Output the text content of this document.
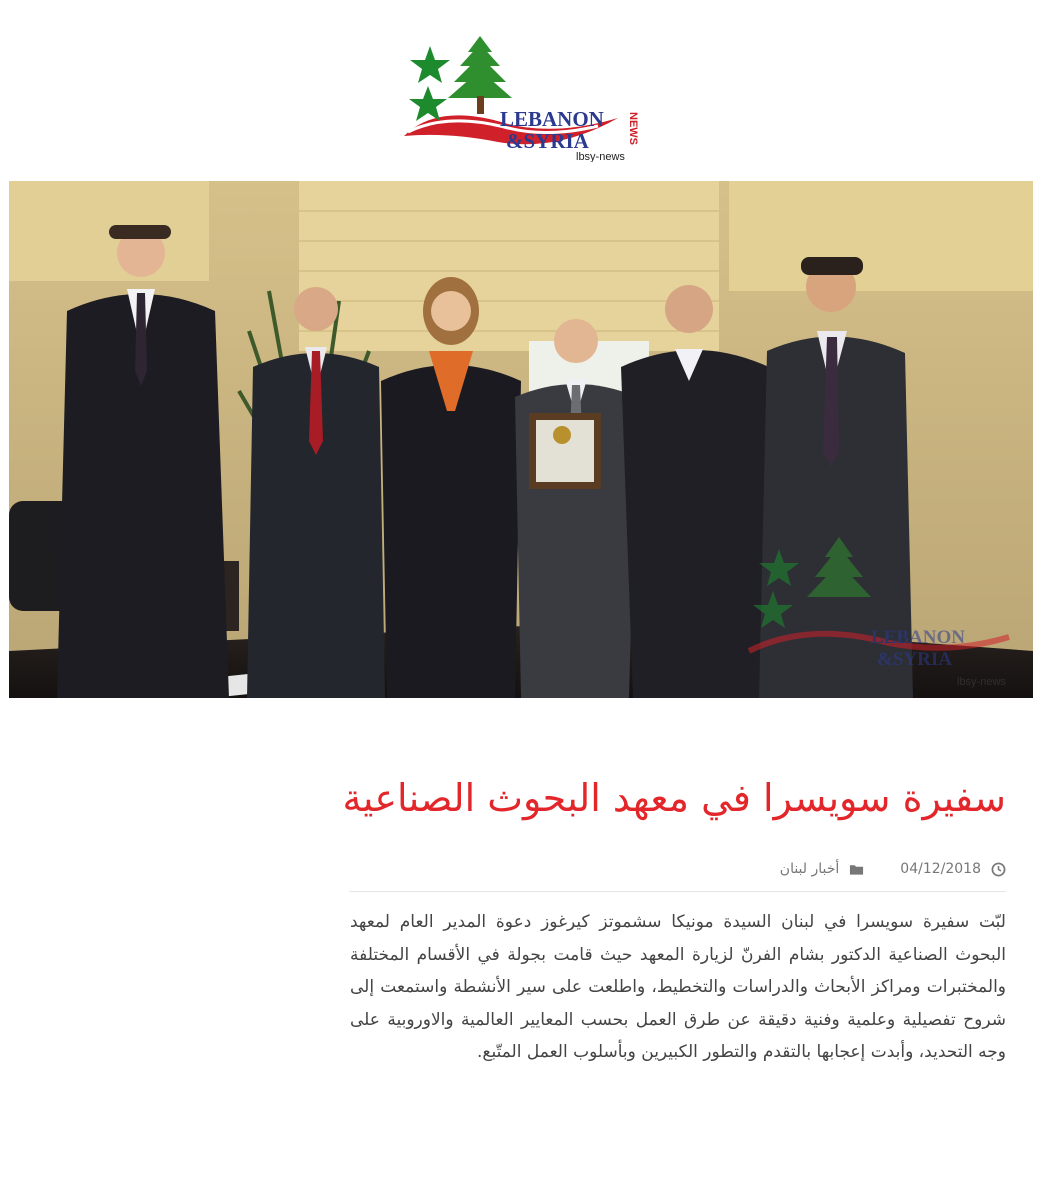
LEBANON
&SYRIA	NEWS
lbsy-news
LEBANON
&SYRIA
lbsy-news
سفيرة سويسرا في معهد البحوث الصناعية
04/12/2018
أخبار لبنان

لبّت سفيرة سويسرا في لبنان السيدة مونيكا سشموتز كيرغوز دعوة المدير العام لمعهد البحوث الصناعية الدكتور بشام الفرنّ لزيارة المعهد حيث قامت بجولة في الأقسام المختلفة والمختبرات ومراكز الأبحاث والدراسات والتخطيط، واطلعت على سير الأنشطة واستمعت إلى شروح تفصيلية وعلمية وفنية دقيقة عن طرق العمل بحسب المعايير العالمية والاوروبية على وجه التحديد، وأبدت إعجابها بالتقدم والتطور الكبيرين وبأسلوب العمل المتّبع.
